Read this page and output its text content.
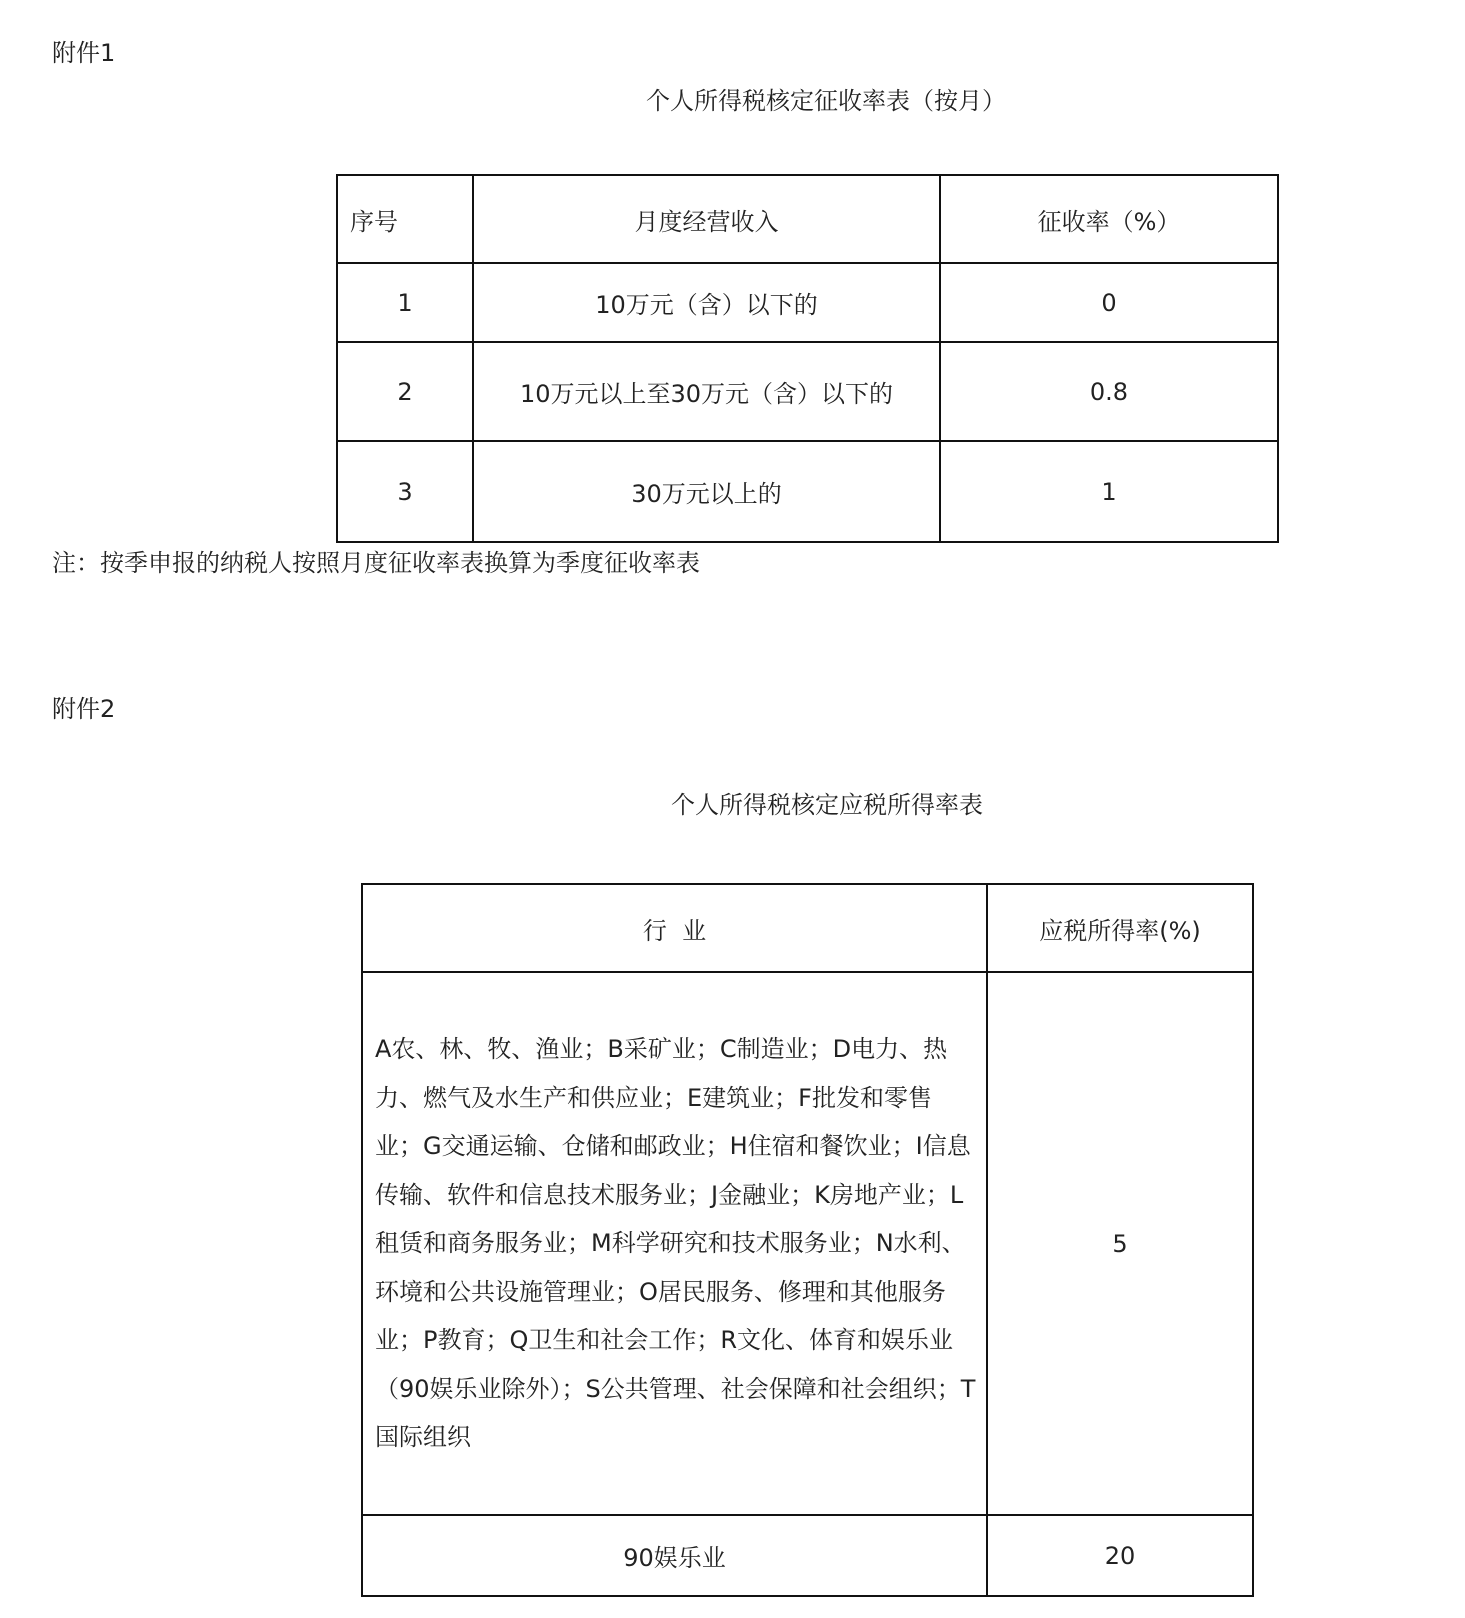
附件1
个人所得税核定征收率表（按月）
序号	月度经营收入	征收率（%）
1	10万元（含）以下的	0
2	10万元以上至30万元（含）以下的	0.8
3	30万元以上的	1
注：按季申报的纳税人按照月度征收率表换算为季度征收率表
附件2
个人所得税核定应税所得率表
行  业	应税所得率(%)
A农、林、牧、渔业；B采矿业；C制造业；D电力、热力、燃气及水生产和供应业；E建筑业；F批发和零售业；G交通运输、仓储和邮政业；H住宿和餐饮业；I信息传输、软件和信息技术服务业；J金融业；K房地产业；L租赁和商务服务业；M科学研究和技术服务业；N水利、环境和公共设施管理业；O居民服务、修理和其他服务业；P教育；Q卫生和社会工作；R文化、体育和娱乐业（90娱乐业除外）；S公共管理、社会保障和社会组织；T国际组织	5
90娱乐业	20
